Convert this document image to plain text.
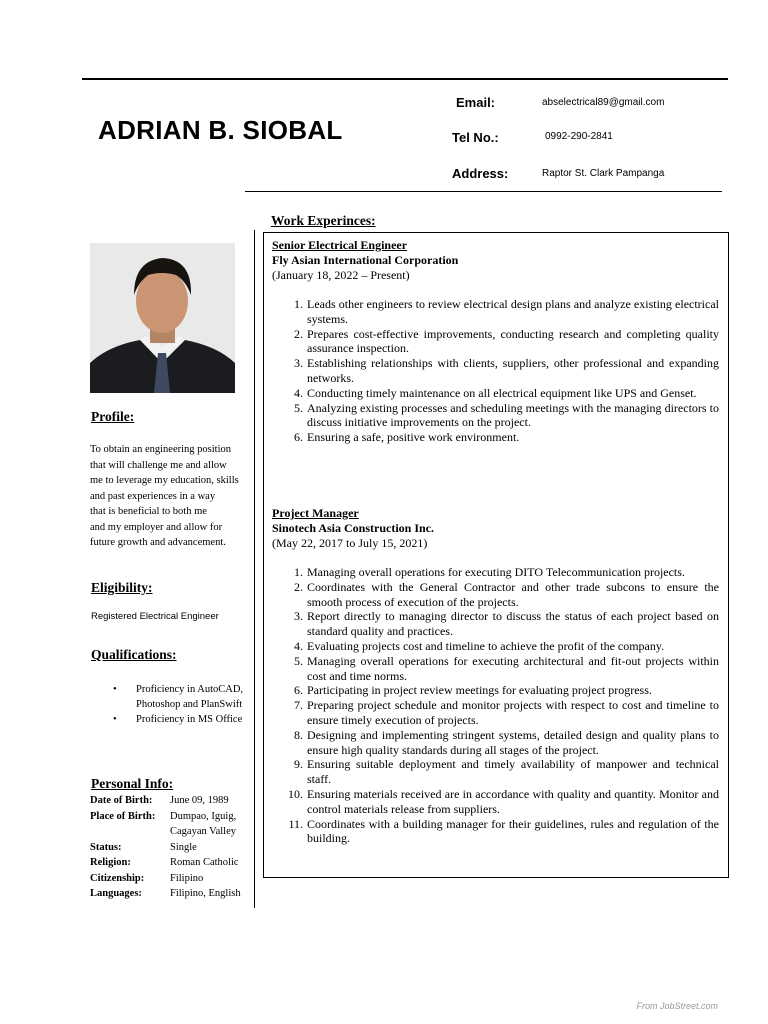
ADRIAN B. SIOBAL
Email:	abselectrical89@gmail.com
Tel No.:	0992-290-2841
Address:	Raptor St. Clark Pampanga
Profile:
To obtain an engineering position
that will challenge me and allow
me to leverage my education, skills
and past experiences in a way
that is beneficial to both me
and my employer and allow for
future growth and advancement.
Eligibility:
Registered Electrical Engineer
Qualifications:
• Proficiency in AutoCAD, Photoshop and PlanSwift
• Proficiency in MS Office
Personal Info:
Date of Birth:	June 09, 1989
Place of Birth:	Dumpao, Iguig, Cagayan Valley
Status:	Single
Religion:	Roman Catholic
Citizenship:	Filipino
Languages:	Filipino, English
Work Experinces:
Senior Electrical Engineer
Fly Asian International Corporation
(January 18, 2022 – Present)
1. Leads other engineers to review electrical design plans and analyze existing electrical systems.
2. Prepares cost-effective improvements, conducting research and completing quality assurance inspection.
3. Establishing relationships with clients, suppliers, other professional and expanding networks.
4. Conducting timely maintenance on all electrical equipment like UPS and Genset.
5. Analyzing existing processes and scheduling meetings with the managing directors to discuss initiative improvements on the project.
6. Ensuring a safe, positive work environment.
Project Manager
Sinotech Asia Construction Inc.
(May 22, 2017 to July 15, 2021)
1. Managing overall operations for executing DITO Telecommunication projects.
2. Coordinates with the General Contractor and other trade subcons to ensure the smooth process of execution of the projects.
3. Report directly to managing director to discuss the status of each project based on standard quality and practices.
4. Evaluating projects cost and timeline to achieve the profit of the company.
5. Managing overall operations for executing architectural and fit-out projects within cost and time norms.
6. Participating in project review meetings for evaluating project progress.
7. Preparing project schedule and monitor projects with respect to cost and timeline to ensure timely execution of projects.
8. Designing and implementing stringent systems, detailed design and quality plans to ensure high quality standards during all stages of the project.
9. Ensuring suitable deployment and timely availability of manpower and technical staff.
10. Ensuring materials received are in accordance with quality and quantity. Monitor and control materials release from suppliers.
11. Coordinates with a building manager for their guidelines, rules and regulation of the building.
From JobStreet.com
